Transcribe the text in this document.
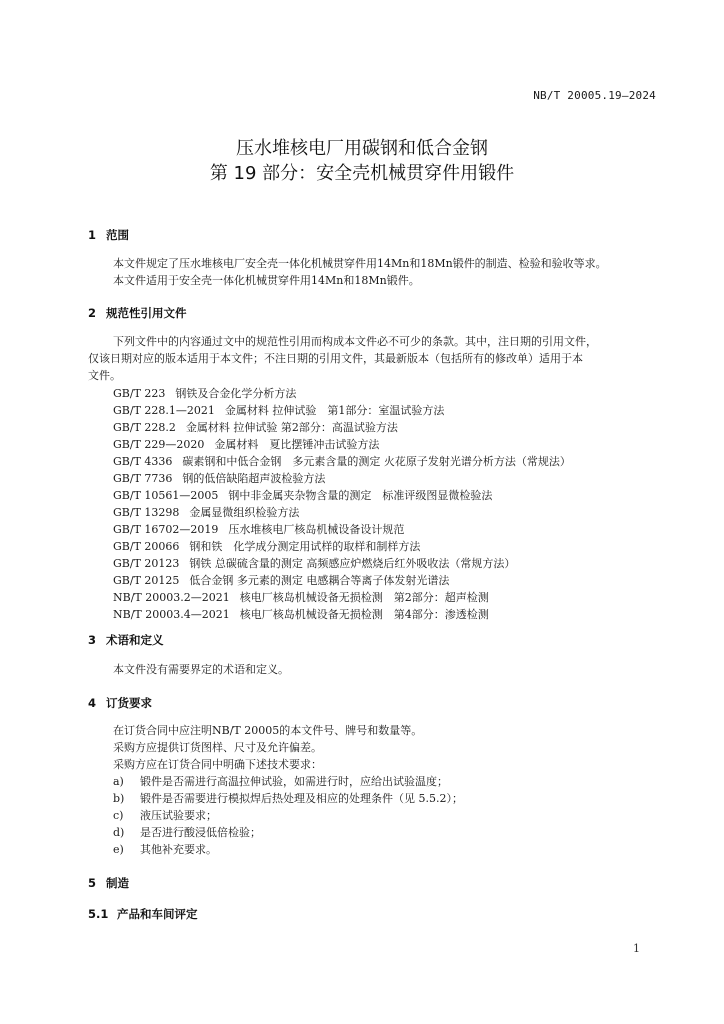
NB/T 20005.19—2024
压水堆核电厂用碳钢和低合金钢
第 19 部分：安全壳机械贯穿件用锻件
1 范围
本文件规定了压水堆核电厂安全壳一体化机械贯穿件用14Mn和18Mn锻件的制造、检验和验收等求。
本文件适用于安全壳一体化机械贯穿件用14Mn和18Mn锻件。
2 规范性引用文件
下列文件中的内容通过文中的规范性引用而构成本文件必不可少的条款。其中，注日期的引用文件，
仅该日期对应的版本适用于本文件；不注日期的引用文件，其最新版本（包括所有的修改单）适用于本
文件。
GB/T 223 钢铁及合金化学分析方法
GB/T 228.1—2021 金属材料 拉伸试验　第1部分：室温试验方法
GB/T 228.2 金属材料 拉伸试验 第2部分：高温试验方法
GB/T 229—2020 金属材料　夏比摆锤冲击试验方法
GB/T 4336 碳素钢和中低合金钢　多元素含量的测定 火花原子发射光谱分析方法（常规法）
GB/T 7736 钢的低倍缺陷超声波检验方法
GB/T 10561—2005 钢中非金属夹杂物含量的测定　标准评级图显微检验法
GB/T 13298 金属显微组织检验方法
GB/T 16702—2019 压水堆核电厂核岛机械设备设计规范
GB/T 20066 钢和铁　化学成分测定用试样的取样和制样方法
GB/T 20123 钢铁 总碳硫含量的测定 高频感应炉燃烧后红外吸收法（常规方法）
GB/T 20125 低合金钢 多元素的测定 电感耦合等离子体发射光谱法
NB/T 20003.2—2021 核电厂核岛机械设备无损检测　第2部分：超声检测
NB/T 20003.4—2021 核电厂核岛机械设备无损检测　第4部分：渗透检测
3 术语和定义
本文件没有需要界定的术语和定义。
4 订货要求
在订货合同中应注明NB/T 20005的本文件号、牌号和数量等。
采购方应提供订货图样、尺寸及允许偏差。
采购方应在订货合同中明确下述技术要求：
a) 锻件是否需进行高温拉伸试验，如需进行时，应给出试验温度；
b) 锻件是否需要进行模拟焊后热处理及相应的处理条件（见 5.5.2）；
c) 液压试验要求；
d) 是否进行酸浸低倍检验；
e) 其他补充要求。
5 制造
5.1 产品和车间评定
1
